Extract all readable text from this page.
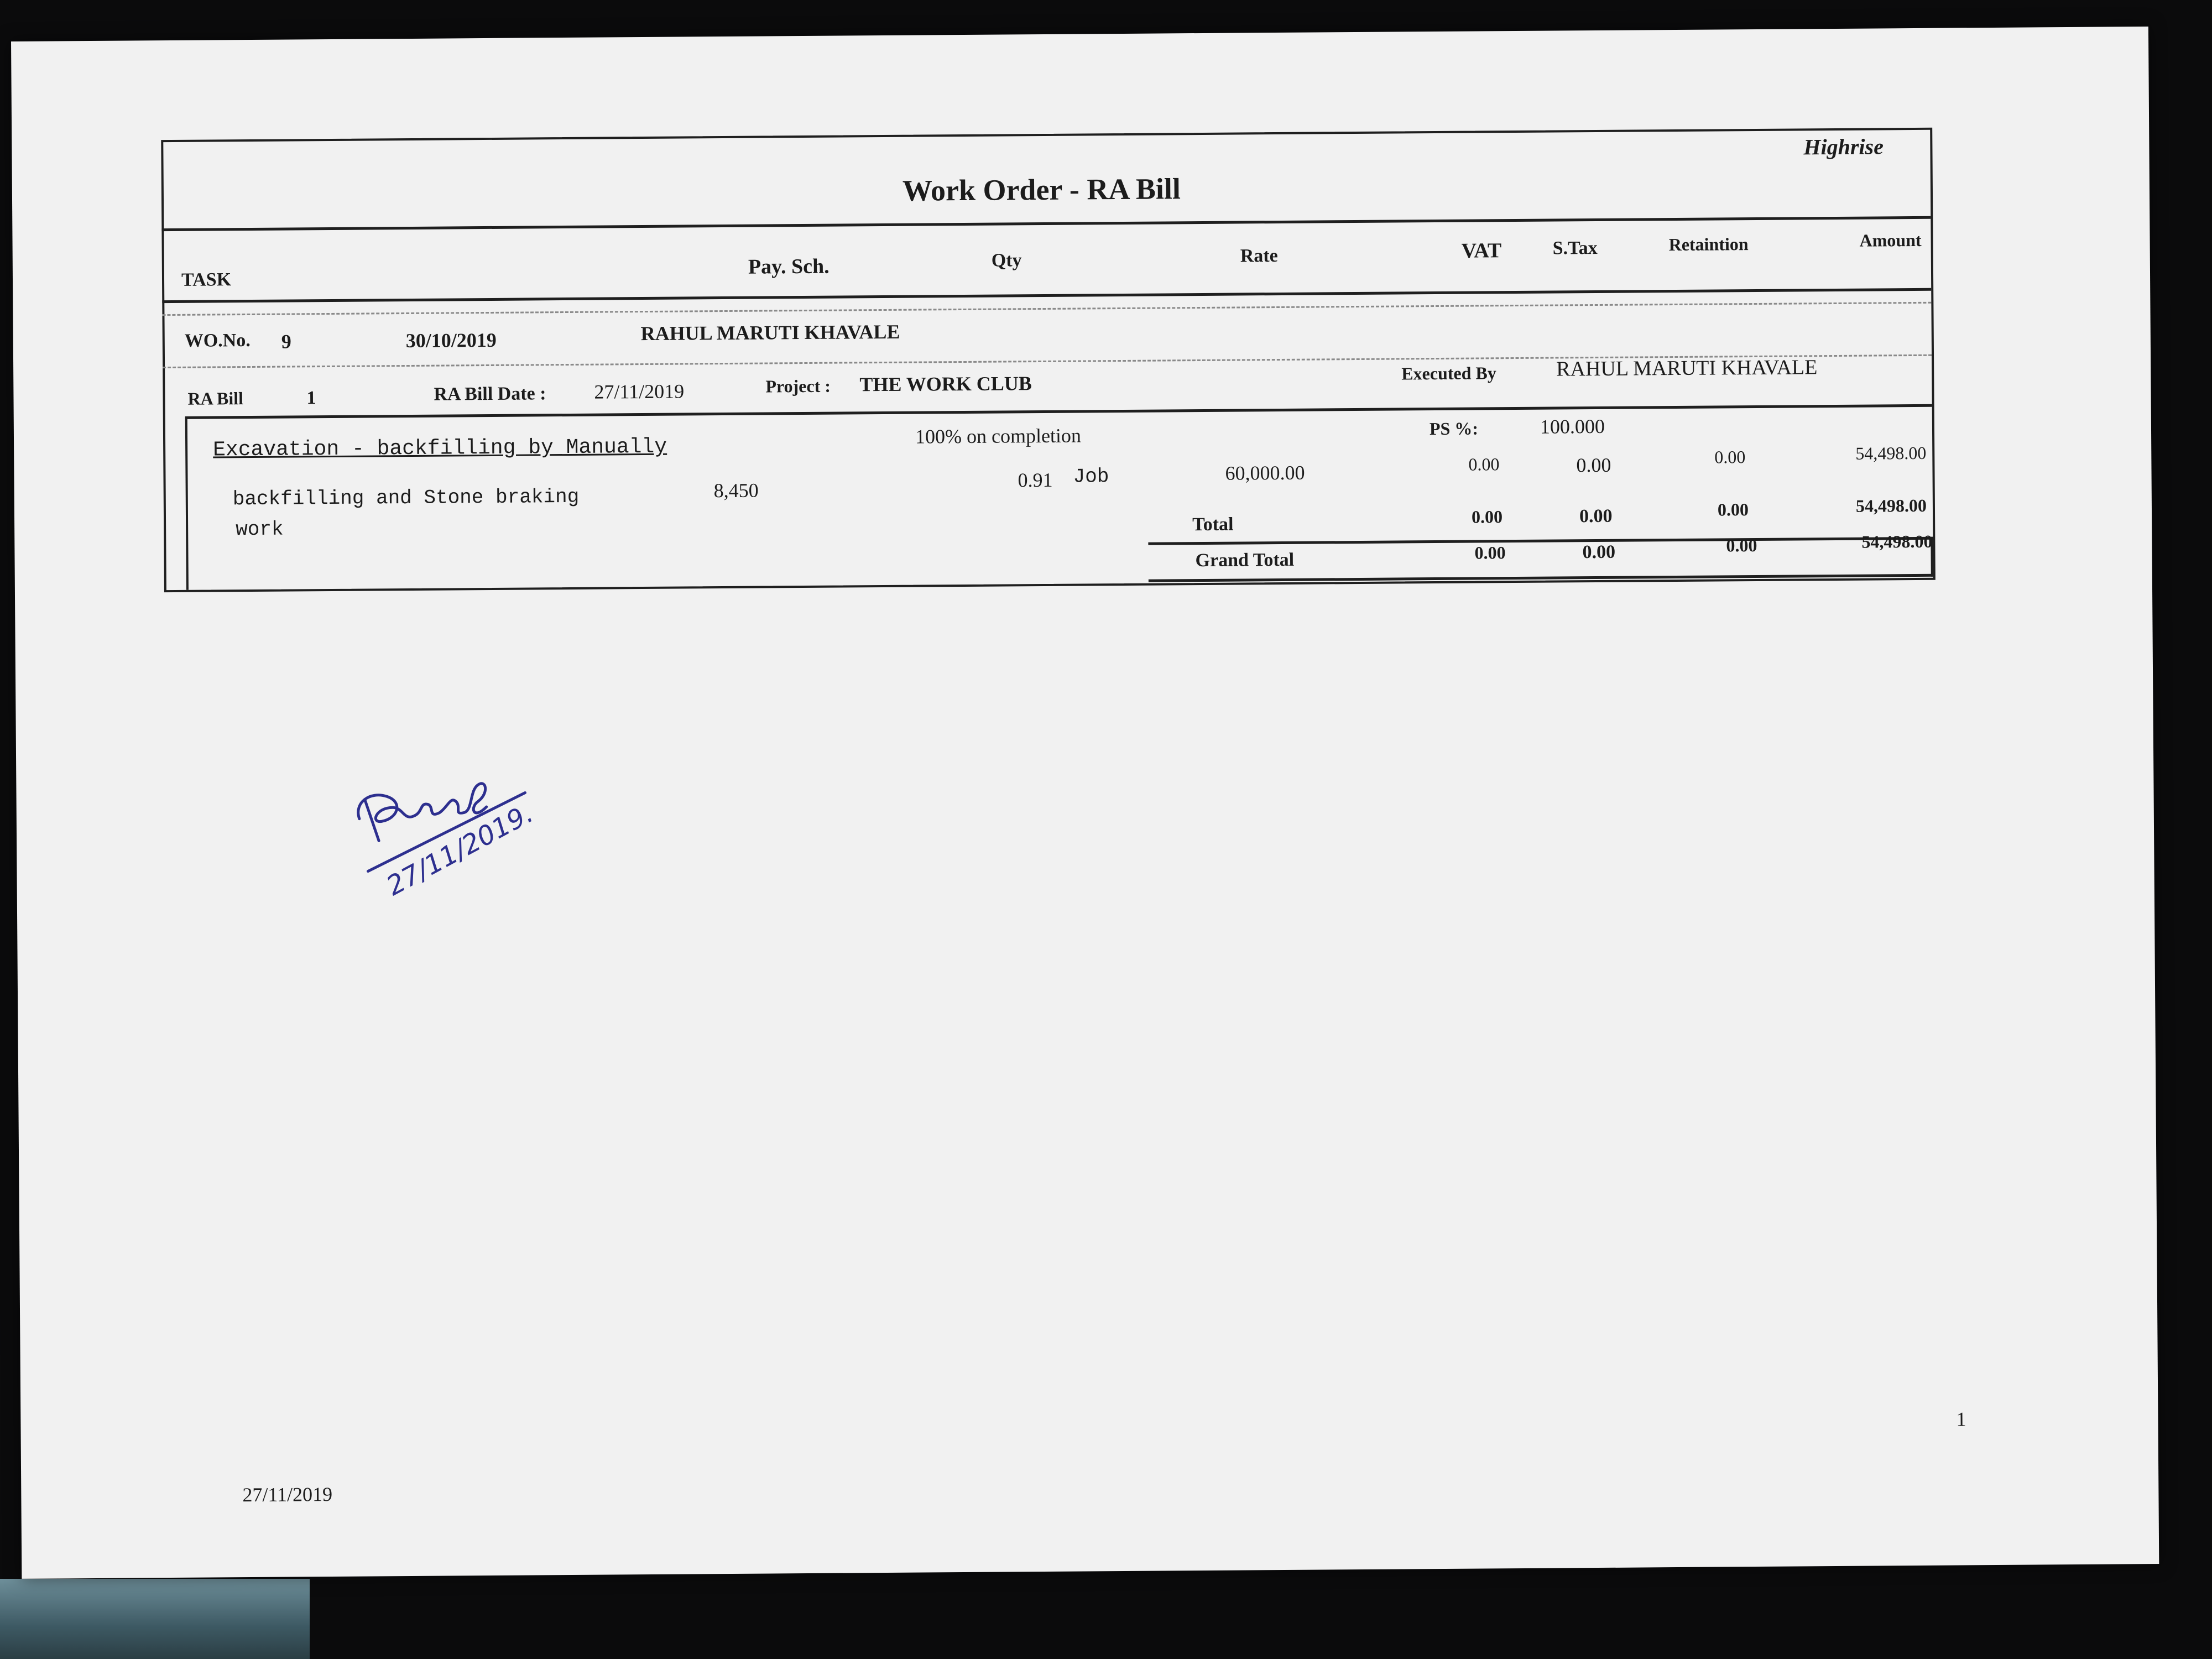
Highrise
Work Order - RA Bill
TASK
Pay. Sch.	Qty	Rate	VAT	S.Tax	Retaintion	Amount
WO.No. 9	30/10/2019	RAHUL MARUTI KHAVALE
RA Bill	1	RA Bill Date : 27/11/2019	Project : THE WORK CLUB	Executed By	RAHUL MARUTI KHAVALE
Excavation - backfilling by Manually	100% on completion	PS %:	100.000
backfilling and Stone braking
work
8,450	0.91 Job	60,000.00	0.00	0.00	0.00	54,498.00
Total	0.00	0.00	0.00	54,498.00
Grand Total	0.00	0.00	0.00	54,498.00
27/11/2019.
27/11/2019
1
